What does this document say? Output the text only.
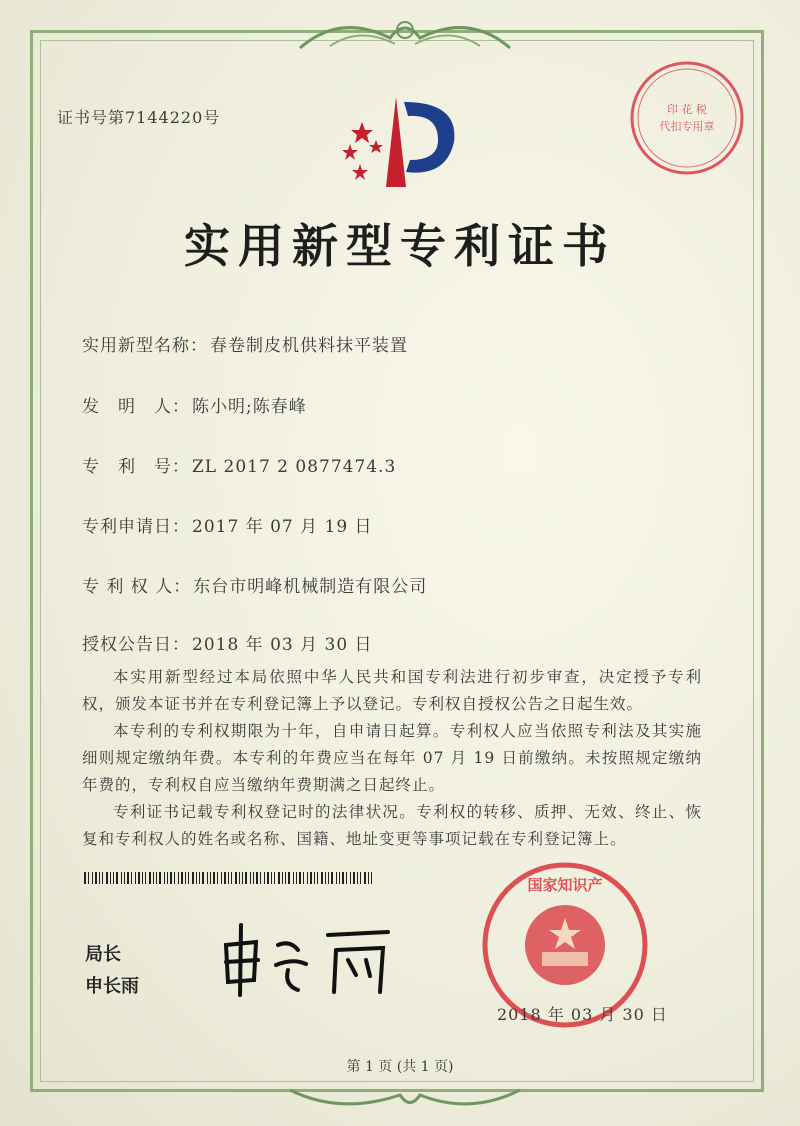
证书号第7144220号	印 花 税
代扣专用章
实用新型专利证书
实用新型名称： 春卷制皮机供料抹平装置
发　明　人： 陈小明;陈春峰
专　利　号： ZL 2017 2 0877474.3
专利申请日： 2017 年 07 月 19 日
专 利 权 人： 东台市明峰机械制造有限公司
授权公告日： 2018 年 03 月 30 日

本实用新型经过本局依照中华人民共和国专利法进行初步审查，决定授予专利权，颁发本证书并在专利登记簿上予以登记。专利权自授权公告之日起生效。

本专利的专利权期限为十年，自申请日起算。专利权人应当依照专利法及其实施细则规定缴纳年费。本专利的年费应当在每年 07 月 19 日前缴纳。未按照规定缴纳年费的，专利权自应当缴纳年费期满之日起终止。

专利证书记载专利权登记时的法律状况。专利权的转移、质押、无效、终止、恢复和专利权人的姓名或名称、国籍、地址变更等事项记载在专利登记簿上。

局长
申长雨
国家知识产
2018 年 03 月 30 日
第 1 页 (共 1 页)
